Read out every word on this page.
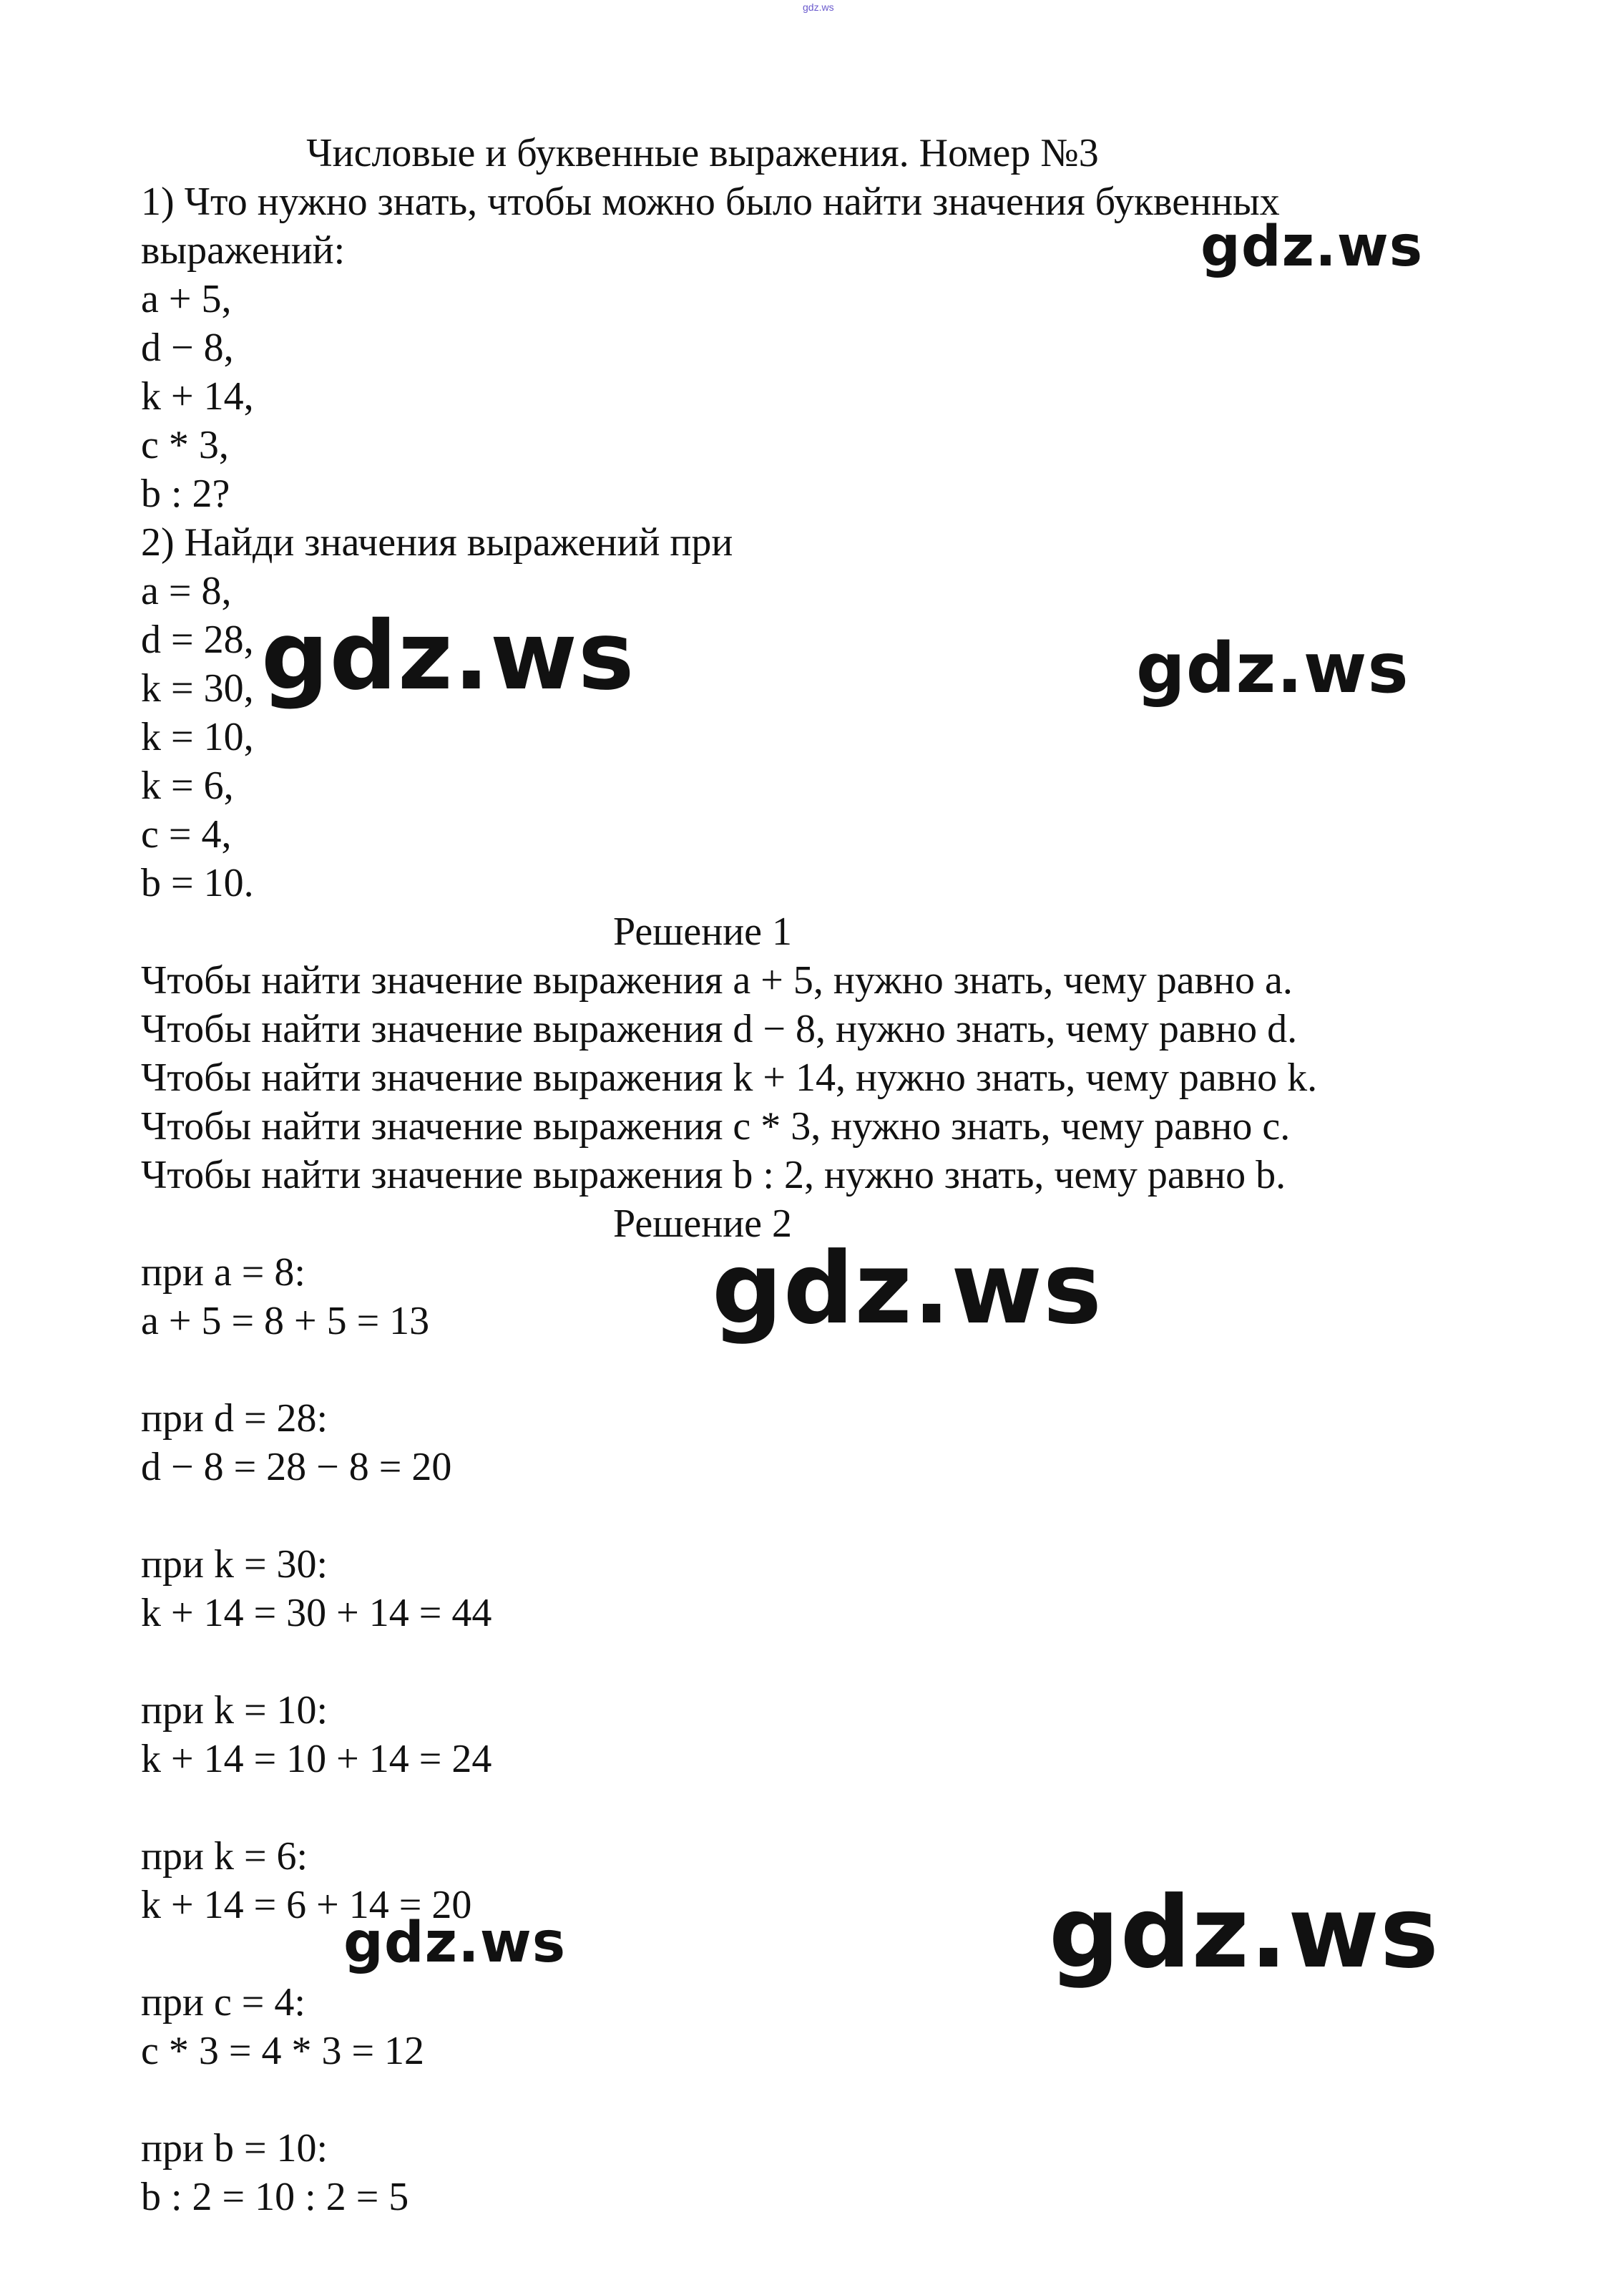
gdz.ws
Числовые и буквенные выражения. Номер №3
1) Что нужно знать, чтобы можно было найти значения буквенных
выражений:
a + 5,
d − 8,
k + 14,
c * 3,
b : 2?
2) Найди значения выражений при
a = 8,
d = 28,
k = 30,
k = 10,
k = 6,
c = 4,
b = 10.
Решение 1
Чтобы найти значение выражения a + 5, нужно знать, чему равно a.
Чтобы найти значение выражения d − 8, нужно знать, чему равно d.
Чтобы найти значение выражения k + 14, нужно знать, чему равно k.
Чтобы найти значение выражения c * 3, нужно знать, чему равно c.
Чтобы найти значение выражения b : 2, нужно знать, чему равно b.
Решение 2
при a = 8:
a + 5 = 8 + 5 = 13
при d = 28:
d − 8 = 28 − 8 = 20
при k = 30:
k + 14 = 30 + 14 = 44
при k = 10:
k + 14 = 10 + 14 = 24
при k = 6:
k + 14 = 6 + 14 = 20
при c = 4:
c * 3 = 4 * 3 = 12
при b = 10:
b : 2 = 10 : 2 = 5
gdz.ws
gdz.ws	gdz.ws
gdz.ws
gdz.ws	gdz.ws
